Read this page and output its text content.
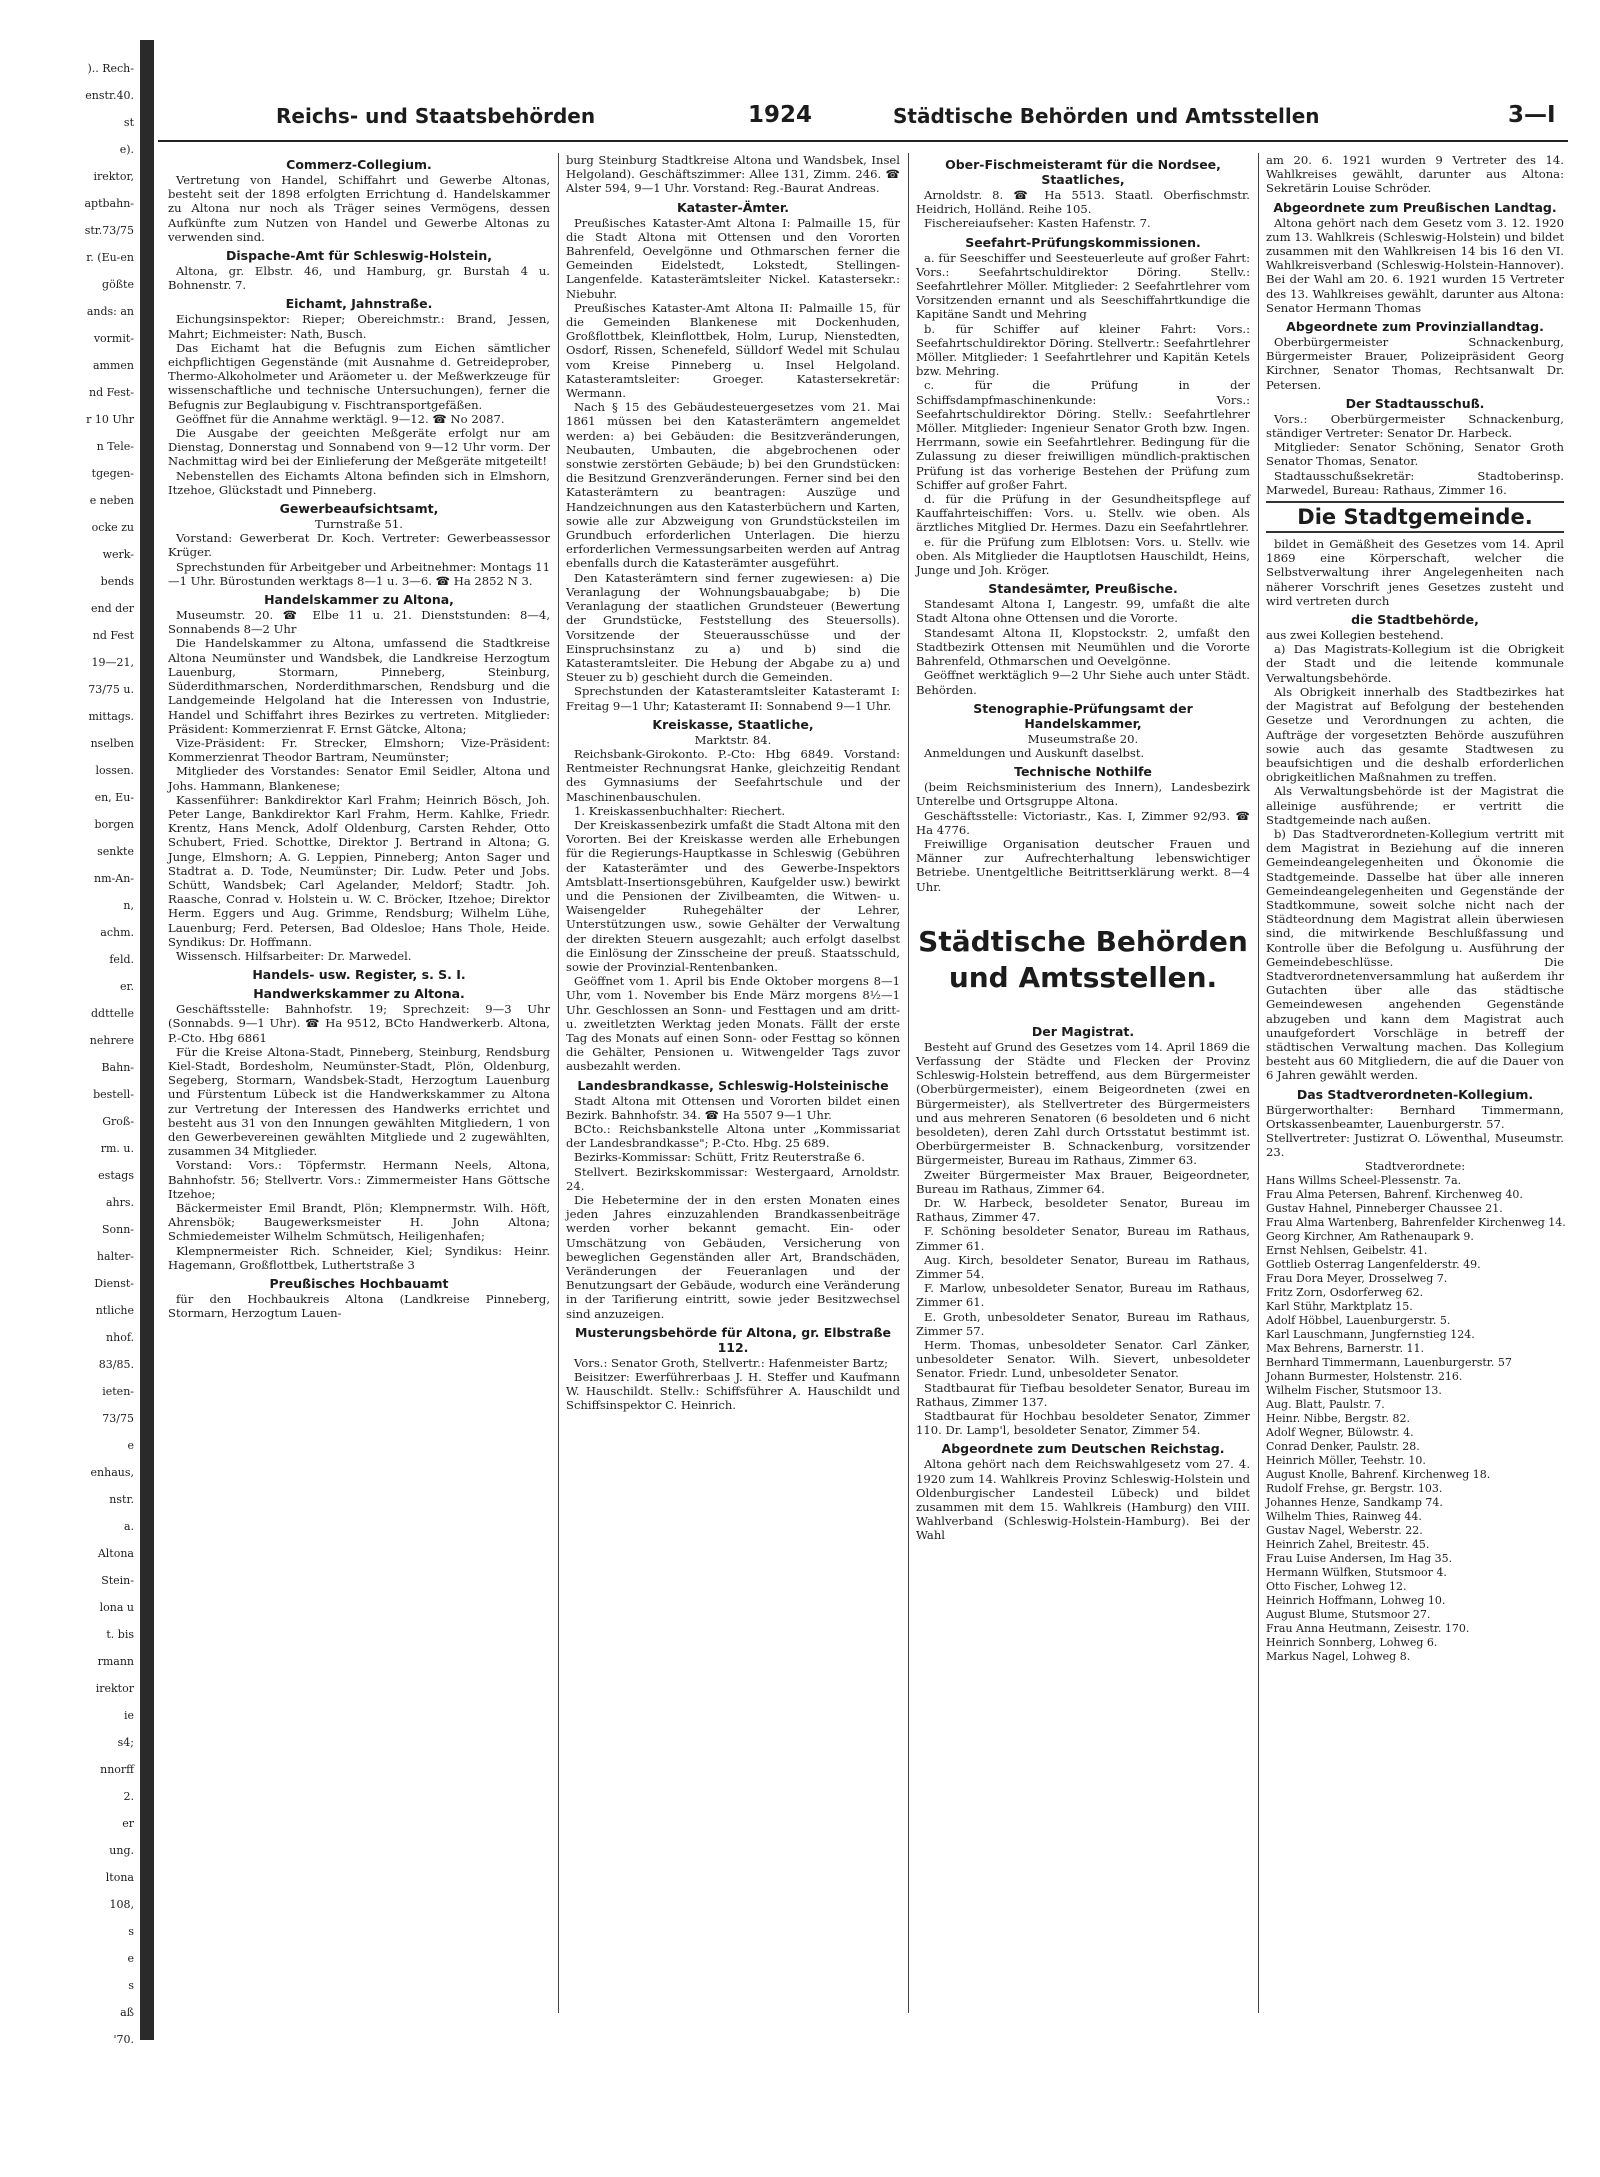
).. Rech-
enstr.40.
st
e).
irektor,
aptbahn-
str.73/75
r. (Eu-en
gößte
ands: an
vormit-
ammen
nd Fest-
r 10 Uhr
n Tele-
tgegen-
e neben
ocke zu
werk-
bends
end der
nd Fest
19—21,
73/75 u.
mittags.
nselben
lossen.
en, Eu-
borgen
senkte
nm-An-
n,
achm.
feld.
er.
ddttelle
nehrere
Bahn-
bestell-
Groß-
rm. u.
estags
ahrs.
Sonn-
halter-
Dienst-
ntliche
nhof.
83/85.
ieten-
73/75
e
enhaus,
nstr.
a.
Altona
Stein-
lona u
t. bis
rmann
irektor
ie
s4;
nnorff
2.
er
ung.
ltona
108,
s
e
s
aß
'70.
Reichs- und Staatsbehörden	1924	Städtische Behörden und Amtsstellen	3—I
Commerz-Collegium.

Vertretung von Handel, Schiffahrt und Gewerbe Altonas, besteht seit der 1898 erfolgten Errichtung d. Handelskammer zu Altona nur noch als Träger seines Vermögens, dessen Aufkünfte zum Nutzen von Handel und Gewerbe Altonas zu verwenden sind.

Dispache-Amt für Schleswig-Holstein,

Altona, gr. Elbstr. 46, und Hamburg, gr. Burstah 4 u. Bohnenstr. 7.

Eichamt, Jahnstraße.

Eichungsinspektor: Rieper; Obereichmstr.: Brand, Jessen, Mahrt; Eichmeister: Nath, Busch.

Das Eichamt hat die Befugnis zum Eichen sämtlicher eichpflichtigen Gegenstände (mit Ausnahme d. Getreideprober, Thermo-Alkoholmeter und Aräometer u. der Meßwerkzeuge für wissenschaftliche und technische Untersuchungen), ferner die Befugnis zur Beglaubigung v. Fischtransportgefäßen.

Geöffnet für die Annahme werktägl. 9—12. ☎ No 2087.

Die Ausgabe der geeichten Meßgeräte erfolgt nur am Dienstag, Donnerstag und Sonnabend von 9—12 Uhr vorm. Der Nachmittag wird bei der Einlieferung der Meßgeräte mitgeteilt!

Nebenstellen des Eichamts Altona befinden sich in Elmshorn, Itzehoe, Glückstadt und Pinneberg.

Gewerbeaufsichtsamt,
Turnstraße 51.

Vorstand: Gewerberat Dr. Koch. Vertreter: Gewerbeassessor Krüger.

Sprechstunden für Arbeitgeber und Arbeitnehmer: Montags 11—1 Uhr. Bürostunden werktags 8—1 u. 3—6. ☎ Ha 2852 N 3.

Handelskammer zu Altona,

Museumstr. 20. ☎ Elbe 11 u. 21. Dienststunden: 8—4, Sonnabends 8—2 Uhr

Die Handelskammer zu Altona, umfassend die Stadtkreise Altona Neumünster und Wandsbek, die Landkreise Herzogtum Lauenburg, Stormarn, Pinneberg, Steinburg, Süderdithmarschen, Norderdithmarschen, Rendsburg und die Landgemeinde Helgoland hat die Interessen von Industrie, Handel und Schiffahrt ihres Bezirkes zu vertreten. Mitglieder: Präsident: Kommerzienrat F. Ernst Gätcke, Altona;

Vize-Präsident: Fr. Strecker, Elmshorn; Vize-Präsident: Kommerzienrat Theodor Bartram, Neumünster;

Mitglieder des Vorstandes: Senator Emil Seidler, Altona und Johs. Hammann, Blankenese;

Kassenführer: Bankdirektor Karl Frahm; Heinrich Bösch, Joh. Peter Lange, Bankdirektor Karl Frahm, Herm. Kahlke, Friedr. Krentz, Hans Menck, Adolf Oldenburg, Carsten Rehder, Otto Schubert, Fried. Schottke, Direktor J. Bertrand in Altona; G. Junge, Elmshorn; A. G. Leppien, Pinneberg; Anton Sager und Stadtrat a. D. Tode, Neumünster; Dir. Ludw. Peter und Jobs. Schütt, Wandsbek; Carl Agelander, Meldorf; Stadtr. Joh. Raasche, Conrad v. Holstein u. W. C. Bröcker, Itzehoe; Direktor Herm. Eggers und Aug. Grimme, Rendsburg; Wilhelm Lühe, Lauenburg; Ferd. Petersen, Bad Oldesloe; Hans Thole, Heide. Syndikus: Dr. Hoffmann.

Wissensch. Hilfsarbeiter: Dr. Marwedel.

Handels- usw. Register, s. S. I.
Handwerkskammer zu Altona.

Geschäftsstelle: Bahnhofstr. 19; Sprechzeit: 9—3 Uhr (Sonnabds. 9—1 Uhr). ☎ Ha 9512, BCto Handwerkerb. Altona, P.-Cto. Hbg 6861

Für die Kreise Altona-Stadt, Pinneberg, Steinburg, Rendsburg Kiel-Stadt, Bordesholm, Neumünster-Stadt, Plön, Oldenburg, Segeberg, Stormarn, Wandsbek-Stadt, Herzogtum Lauenburg und Fürstentum Lübeck ist die Handwerkskammer zu Altona zur Vertretung der Interessen des Handwerks errichtet und besteht aus 31 von den Innungen gewählten Mitgliedern, 1 von den Gewerbevereinen gewählten Mitgliede und 2 zugewählten, zusammen 34 Mitglieder.

Vorstand: Vors.: Töpfermstr. Hermann Neels, Altona, Bahnhofstr. 56; Stellvertr. Vors.: Zimmermeister Hans Göttsche Itzehoe;

Bäckermeister Emil Brandt, Plön; Klempnermstr. Wilh. Höft, Ahrensbök; Baugewerksmeister H. John Altona; Schmiedemeister Wilhelm Schmütsch, Heiligenhafen;

Klempnermeister Rich. Schneider, Kiel; Syndikus: Heinr. Hagemann, Großflottbek, Luthertstraße 3

Preußisches Hochbauamt

für den Hochbaukreis Altona (Landkreise Pinneberg, Stormarn, Herzogtum Lauen-

burg Steinburg Stadtkreise Altona und Wandsbek, Insel Helgoland). Geschäftszimmer: Allee 131, Zimm. 246. ☎ Alster 594, 9—1 Uhr. Vorstand: Reg.-Baurat Andreas.

Kataster-Ämter.

Preußisches Kataster-Amt Altona I: Palmaille 15, für die Stadt Altona mit Ottensen und den Vororten Bahrenfeld, Oevelgönne und Othmarschen ferner die Gemeinden Eidelstedt, Lokstedt, Stellingen-Langenfelde. Katasterämtsleiter Nickel. Katastersekr.: Niebuhr.

Preußisches Kataster-Amt Altona II: Palmaille 15, für die Gemeinden Blankenese mit Dockenhuden, Großflottbek, Kleinflottbek, Holm, Lurup, Nienstedten, Osdorf, Rissen, Schenefeld, Sülldorf Wedel mit Schulau vom Kreise Pinneberg u. Insel Helgoland. Katasteramtsleiter: Groeger. Katastersekretär: Wermann.

Nach § 15 des Gebäudesteuergesetzes vom 21. Mai 1861 müssen bei den Katasterämtern angemeldet werden: a) bei Gebäuden: die Besitzveränderungen, Neubauten, Umbauten, die abgebrochenen oder sonstwie zerstörten Gebäude; b) bei den Grundstücken: die Besitzund Grenzveränderungen. Ferner sind bei den Katasterämtern zu beantragen: Auszüge und Handzeichnungen aus den Katasterbüchern und Karten, sowie alle zur Abzweigung von Grundstücksteilen im Grundbuch erforderlichen Unterlagen. Die hierzu erforderlichen Vermessungsarbeiten werden auf Antrag ebenfalls durch die Katasterämter ausgeführt.

Den Katasterämtern sind ferner zugewiesen: a) Die Veranlagung der Wohnungsbauabgabe; b) Die Veranlagung der staatlichen Grundsteuer (Bewertung der Grundstücke, Feststellung des Steuersolls). Vorsitzende der Steuerausschüsse und der Einspruchsinstanz zu a) und b) sind die Katasteramtsleiter. Die Hebung der Abgabe zu a) und Steuer zu b) geschieht durch die Gemeinden.

Sprechstunden der Katasteramtsleiter Katasteramt I: Freitag 9—1 Uhr; Katasteramt II: Sonnabend 9—1 Uhr.

Kreiskasse, Staatliche,
Marktstr. 84.

Reichsbank-Girokonto. P.-Cto: Hbg 6849. Vorstand: Rentmeister Rechnungsrat Hanke, gleichzeitig Rendant des Gymnasiums der Seefahrtschule und der Maschinenbauschulen.

1. Kreiskassenbuchhalter: Riechert.

Der Kreiskassenbezirk umfaßt die Stadt Altona mit den Vororten. Bei der Kreiskasse werden alle Erhebungen für die Regierungs-Hauptkasse in Schleswig (Gebühren der Katasterämter und des Gewerbe-Inspektors Amtsblatt-Insertionsgebühren, Kaufgelder usw.) bewirkt und die Pensionen der Zivilbeamten, die Witwen- u. Waisengelder Ruhegehälter der Lehrer, Unterstützungen usw., sowie Gehälter der Verwaltung der direkten Steuern ausgezahlt; auch erfolgt daselbst die Einlösung der Zinsscheine der preuß. Staatsschuld, sowie der Provinzial-Rentenbanken.

Geöffnet vom 1. April bis Ende Oktober morgens 8—1 Uhr, vom 1. November bis Ende März morgens 8½—1 Uhr. Geschlossen an Sonn- und Festtagen und am dritt- u. zweitletzten Werktag jeden Monats. Fällt der erste Tag des Monats auf einen Sonn- oder Festtag so können die Gehälter, Pensionen u. Witwengelder Tags zuvor ausbezahlt werden.

Landesbrandkasse, Schleswig-Holsteinische

Stadt Altona mit Ottensen und Vororten bildet einen Bezirk. Bahnhofstr. 34. ☎ Ha 5507 9—1 Uhr.

BCto.: Reichsbankstelle Altona unter „Kommissariat der Landesbrandkasse"; P.-Cto. Hbg. 25 689.

Bezirks-Kommissar: Schütt, Fritz Reuterstraße 6.

Stellvert. Bezirkskommissar: Westergaard, Arnoldstr. 24.

Die Hebetermine der in den ersten Monaten eines jeden Jahres einzuzahlenden Brandkassenbeiträge werden vorher bekannt gemacht. Ein- oder Umschätzung von Gebäuden, Versicherung von beweglichen Gegenständen aller Art, Brandschäden, Veränderungen der Feueranlagen und der Benutzungsart der Gebäude, wodurch eine Veränderung in der Tarifierung eintritt, sowie jeder Besitzwechsel sind anzuzeigen.

Musterungsbehörde für Altona, gr. Elbstraße 112.

Vors.: Senator Groth, Stellvertr.: Hafenmeister Bartz;

Beisitzer: Ewerführerbaas J. H. Steffer und Kaufmann W. Hauschildt. Stellv.: Schiffsführer A. Hauschildt und Schiffsinspektor C. Heinrich.

Ober-Fischmeisteramt für die Nordsee, Staatliches,

Arnoldstr. 8. ☎ Ha 5513. Staatl. Oberfischmstr. Heidrich, Holländ. Reihe 105.

Fischereiaufseher: Kasten Hafenstr. 7.

Seefahrt-Prüfungskommissionen.

a. für Seeschiffer und Seesteuerleute auf großer Fahrt: Vors.: Seefahrtschuldirektor Döring. Stellv.: Seefahrtlehrer Möller. Mitglieder: 2 Seefahrtlehrer vom Vorsitzenden ernannt und als Seeschiffahrtkundige die Kapitäne Sandt und Mehring

b. für Schiffer auf kleiner Fahrt: Vors.: Seefahrtschuldirektor Döring. Stellvertr.: Seefahrtlehrer Möller. Mitglieder: 1 Seefahrtlehrer und Kapitän Ketels bzw. Mehring.

c. für die Prüfung in der Schiffsdampfmaschinenkunde: Vors.: Seefahrtschuldirektor Döring. Stellv.: Seefahrtlehrer Möller. Mitglieder: Ingenieur Senator Groth bzw. Ingen. Herrmann, sowie ein Seefahrtlehrer. Bedingung für die Zulassung zu dieser freiwilligen mündlich-praktischen Prüfung ist das vorherige Bestehen der Prüfung zum Schiffer auf großer Fahrt.

d. für die Prüfung in der Gesundheitspflege auf Kauffahrteischiffen: Vors. u. Stellv. wie oben. Als ärztliches Mitglied Dr. Hermes. Dazu ein Seefahrtlehrer.

e. für die Prüfung zum Elblotsen: Vors. u. Stellv. wie oben. Als Mitglieder die Hauptlotsen Hauschildt, Heins, Junge und Joh. Kröger.

Standesämter, Preußische.

Standesamt Altona I, Langestr. 99, umfaßt die alte Stadt Altona ohne Ottensen und die Vororte.

Standesamt Altona II, Klopstockstr. 2, umfaßt den Stadtbezirk Ottensen mit Neumühlen und die Vororte Bahrenfeld, Othmarschen und Oevelgönne.

Geöffnet werktäglich 9—2 Uhr Siehe auch unter Städt. Behörden.

Stenographie-Prüfungsamt der Handelskammer,
Museumstraße 20.

Anmeldungen und Auskunft daselbst.

Technische Nothilfe

(beim Reichsministerium des Innern), Landesbezirk Unterelbe und Ortsgruppe Altona.

Geschäftsstelle: Victoriastr., Kas. I, Zimmer 92/93. ☎ Ha 4776.

Freiwillige Organisation deutscher Frauen und Männer zur Aufrechterhaltung lebenswichtiger Betriebe. Unentgeltliche Beitrittserklärung werkt. 8—4 Uhr.

Städtische Behörden und Amtsstellen.
Der Magistrat.

Besteht auf Grund des Gesetzes vom 14. April 1869 die Verfassung der Städte und Flecken der Provinz Schleswig-Holstein betreffend, aus dem Bürgermeister (Oberbürgermeister), einem Beigeordneten (zwei en Bürgermeister), als Stellvertreter des Bürgermeisters und aus mehreren Senatoren (6 besoldeten und 6 nicht besoldeten), deren Zahl durch Ortsstatut bestimmt ist. Oberbürgermeister B. Schnackenburg, vorsitzender Bürgermeister, Bureau im Rathaus, Zimmer 63.

Zweiter Bürgermeister Max Brauer, Beigeordneter, Bureau im Rathaus, Zimmer 64.

Dr. W. Harbeck, besoldeter Senator, Bureau im Rathaus, Zimmer 47.

F. Schöning besoldeter Senator, Bureau im Rathaus, Zimmer 61.

Aug. Kirch, besoldeter Senator, Bureau im Rathaus, Zimmer 54.

F. Marlow, unbesoldeter Senator, Bureau im Rathaus, Zimmer 61.

E. Groth, unbesoldeter Senator, Bureau im Rathaus, Zimmer 57.

Herm. Thomas, unbesoldeter Senator. Carl Zänker, unbesoldeter Senator. Wilh. Sievert, unbesoldeter Senator. Friedr. Lund, unbesoldeter Senator.

Stadtbaurat für Tiefbau besoldeter Senator, Bureau im Rathaus, Zimmer 137.

Stadtbaurat für Hochbau besoldeter Senator, Zimmer 110. Dr. Lamp'l, besoldeter Senator, Zimmer 54.

Abgeordnete zum Deutschen Reichstag.

Altona gehört nach dem Reichswahlgesetz vom 27. 4. 1920 zum 14. Wahlkreis Provinz Schleswig-Holstein und Oldenburgischer Landesteil Lübeck) und bildet zusammen mit dem 15. Wahlkreis (Hamburg) den VIII. Wahlverband (Schleswig-Holstein-Hamburg). Bei der Wahl

am 20. 6. 1921 wurden 9 Vertreter des 14. Wahlkreises gewählt, darunter aus Altona: Sekretärin Louise Schröder.

Abgeordnete zum Preußischen Landtag.

Altona gehört nach dem Gesetz vom 3. 12. 1920 zum 13. Wahlkreis (Schleswig-Holstein) und bildet zusammen mit den Wahlkreisen 14 bis 16 den VI. Wahlkreisverband (Schleswig-Holstein-Hannover). Bei der Wahl am 20. 6. 1921 wurden 15 Vertreter des 13. Wahlkreises gewählt, darunter aus Altona: Senator Hermann Thomas

Abgeordnete zum Provinziallandtag.

Oberbürgermeister Schnackenburg, Bürgermeister Brauer, Polizeipräsident Georg Kirchner, Senator Thomas, Rechtsanwalt Dr. Petersen.

Der Stadtausschuß.

Vors.: Oberbürgermeister Schnackenburg, ständiger Vertreter: Senator Dr. Harbeck.

Mitglieder: Senator Schöning, Senator Groth Senator Thomas, Senator.

Stadtausschußsekretär: Stadtoberinsp. Marwedel, Bureau: Rathaus, Zimmer 16.

Die Stadtgemeinde.

bildet in Gemäßheit des Gesetzes vom 14. April 1869 eine Körperschaft, welcher die Selbstverwaltung ihrer Angelegenheiten nach näherer Vorschrift jenes Gesetzes zusteht und wird vertreten durch

die Stadtbehörde,

aus zwei Kollegien bestehend.

a) Das Magistrats-Kollegium ist die Obrigkeit der Stadt und die leitende kommunale Verwaltungsbehörde.

Als Obrigkeit innerhalb des Stadtbezirkes hat der Magistrat auf Befolgung der bestehenden Gesetze und Verordnungen zu achten, die Aufträge der vorgesetzten Behörde auszuführen sowie auch das gesamte Stadtwesen zu beaufsichtigen und die deshalb erforderlichen obrigkeitlichen Maßnahmen zu treffen.

Als Verwaltungsbehörde ist der Magistrat die alleinige ausführende; er vertritt die Stadtgemeinde nach außen.

b) Das Stadtverordneten-Kollegium vertritt mit dem Magistrat in Beziehung auf die inneren Gemeindeangelegenheiten und Ökonomie die Stadtgemeinde. Dasselbe hat über alle inneren Gemeindeangelegenheiten und Gegenstände der Stadtkommune, soweit solche nicht nach der Städteordnung dem Magistrat allein überwiesen sind, die mitwirkende Beschlußfassung und Kontrolle über die Befolgung u. Ausführung der Gemeindebeschlüsse. Die Stadtverordnetenversammlung hat außerdem ihr Gutachten über alle das städtische Gemeindewesen angehenden Gegenstände abzugeben und kann dem Magistrat auch unaufgefordert Vorschläge in betreff der städtischen Verwaltung machen. Das Kollegium besteht aus 60 Mitgliedern, die auf die Dauer von 6 Jahren gewählt werden.

Das Stadtverordneten-Kollegium.

Bürgerworthalter: Bernhard Timmermann, Ortskassenbeamter, Lauenburgerstr. 57.

Stellvertreter: Justizrat O. Löwenthal, Museumstr. 23.

Stadtverordnete:
Hans Willms Scheel-Plessenstr. 7a.
Frau Alma Petersen, Bahrenf. Kirchenweg 40.
Gustav Hahnel, Pinneberger Chaussee 21.
Frau Alma Wartenberg, Bahrenfelder Kirchenweg 14.
Georg Kirchner, Am Rathenaupark 9.
Ernst Nehlsen, Geibelstr. 41.
Gottlieb Osterrag Langenfelderstr. 49.
Frau Dora Meyer, Drosselweg 7.
Fritz Zorn, Osdorferweg 62.
Karl Stühr, Marktplatz 15.
Adolf Höbbel, Lauenburgerstr. 5.
Karl Lauschmann, Jungfernstieg 124.
Max Behrens, Barnerstr. 11.
Bernhard Timmermann, Lauenburgerstr. 57
Johann Burmester, Holstenstr. 216.
Wilhelm Fischer, Stutsmoor 13.
Aug. Blatt, Paulstr. 7.
Heinr. Nibbe, Bergstr. 82.
Adolf Wegner, Bülowstr. 4.
Conrad Denker, Paulstr. 28.
Heinrich Möller, Teehstr. 10.
August Knolle, Bahrenf. Kirchenweg 18.
Rudolf Frehse, gr. Bergstr. 103.
Johannes Henze, Sandkamp 74.
Wilhelm Thies, Rainweg 44.
Gustav Nagel, Weberstr. 22.
Heinrich Zahel, Breitestr. 45.
Frau Luise Andersen, Im Hag 35.
Hermann Wülfken, Stutsmoor 4.
Otto Fischer, Lohweg 12.
Heinrich Hoffmann, Lohweg 10.
August Blume, Stutsmoor 27.
Frau Anna Heutmann, Zeisestr. 170.
Heinrich Sonnberg, Lohweg 6.
Markus Nagel, Lohweg 8.
